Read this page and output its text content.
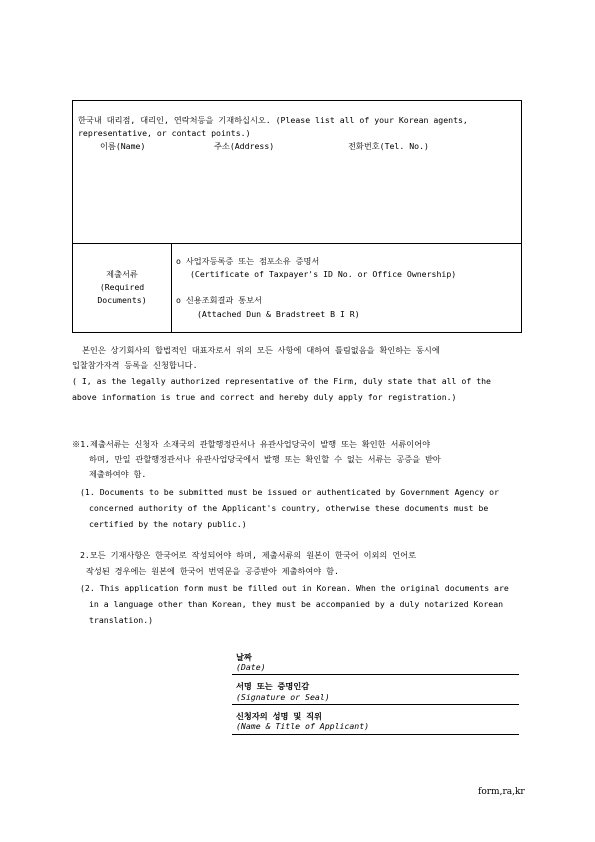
한국내 대리점, 대리인, 연락처등을 기재하십시오. (Please list all of your Korean agents,
representative, or contact points.)
이름(Name)	주소(Address)	전화번호(Tel. No.)
제출서류
(Required
Documents)
o 사업자등록증 또는 점포소유 증명서
(Certificate of Taxpayer's ID No. or Office Ownership)
o 신용조회결과 통보서
(Attached Dun & Bradstreet B I R)
본인은 상기회사의 합법적인 대표자로서 위의 모든 사항에 대하여 틀림없음을 확인하는 동시에
입찰참가자격 등록을 신청합니다.
( I, as the legally authorized representative of the Firm, duly state that all of the
above information is true and correct and hereby duly apply for registration.)
※1.제출서류는 신청자 소재국의 관할행정관서나 유관사업당국이 발행 또는 확인한 서류이어야
하며, 만일 관할행정관서나 유관사업당국에서 발행 또는 확인할 수 없는 서류는 공증을 받아
제출하여야 함.
(1. Documents to be submitted must be issued or authenticated by Government Agency or
concerned authority of the Applicant's country, otherwise these documents must be
certified by the notary public.)
2.모든 기재사항은 한국어로 작성되어야 하며, 제출서류의 원본이 한국어 이외의 언어로
작성된 경우에는 원본에 한국어 번역문을 공증받아 제출하여야 함.
(2. This application form must be filled out in Korean. When the original documents are
in a language other than Korean, they must be accompanied by a duly notarized Korean
translation.)
날짜
(Date)
서명 또는 증명인감
(Signature or Seal)
신청자의 성명 및 직위
(Name & Title of Applicant)
form,ra,kr
